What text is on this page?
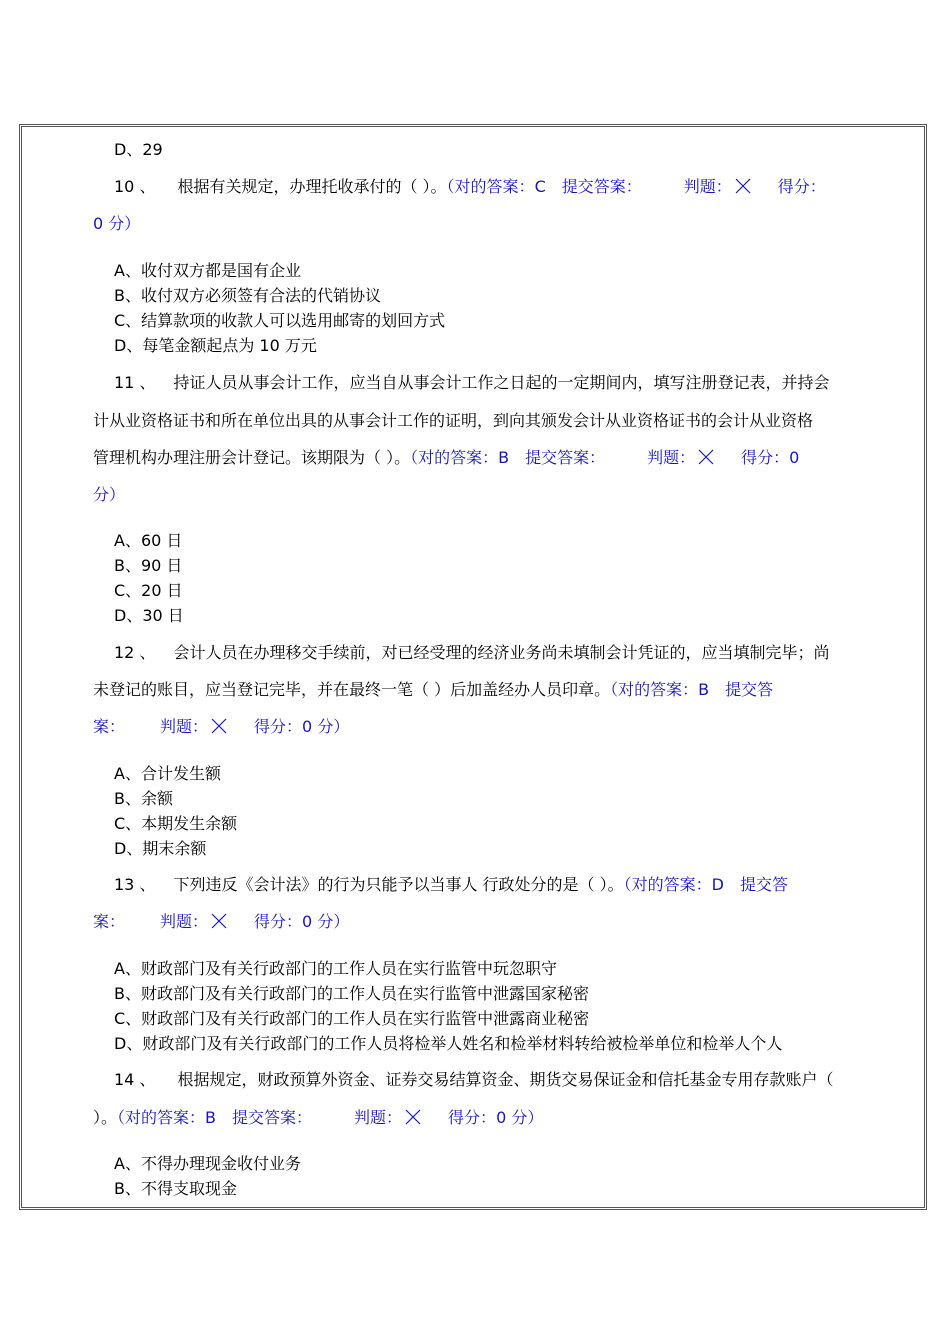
D、29
10 、 根据有关规定，办理托收承付的（ ）。（对的答案：C 提交答案：	判题：	得分：
0 分）
A、收付双方都是国有企业
B、收付双方必须签有合法的代销协议
C、结算款项的收款人可以选用邮寄的划回方式
D、每笔金额起点为 10 万元
11 、 持证人员从事会计工作，应当自从事会计工作之日起的一定期间内，填写注册登记表，并持会
计从业资格证书和所在单位出具的从事会计工作的证明，到向其颁发会计从业资格证书的会计从业资格
管理机构办理注册会计登记。该期限为（ ）。（对的答案：B 提交答案：	判题：	得分：0
分）
A、60 日
B、90 日
C、20 日
D、30 日
12 、 会计人员在办理移交手续前，对已经受理的经济业务尚未填制会计凭证的，应当填制完毕；尚
未登记的账目，应当登记完毕，并在最终一笔（ ）后加盖经办人员印章。（对的答案：B 提交答
案： 判题：	得分：0 分）
A、合计发生额
B、余额
C、本期发生余额
D、期末余额
13 、 下列违反《会计法》的行为只能予以当事人 行政处分的是（ ）。（对的答案：D 提交答
案： 判题：	得分：0 分）
A、财政部门及有关行政部门的工作人员在实行监管中玩忽职守
B、财政部门及有关行政部门的工作人员在实行监管中泄露国家秘密
C、财政部门及有关行政部门的工作人员在实行监管中泄露商业秘密
D、财政部门及有关行政部门的工作人员将检举人姓名和检举材料转给被检举单位和检举人个人
14 、 根据规定，财政预算外资金、证券交易结算资金、期货交易保证金和信托基金专用存款账户（
）。（对的答案：B 提交答案：	判题：	得分：0 分）
A、不得办理现金收付业务
B、不得支取现金
